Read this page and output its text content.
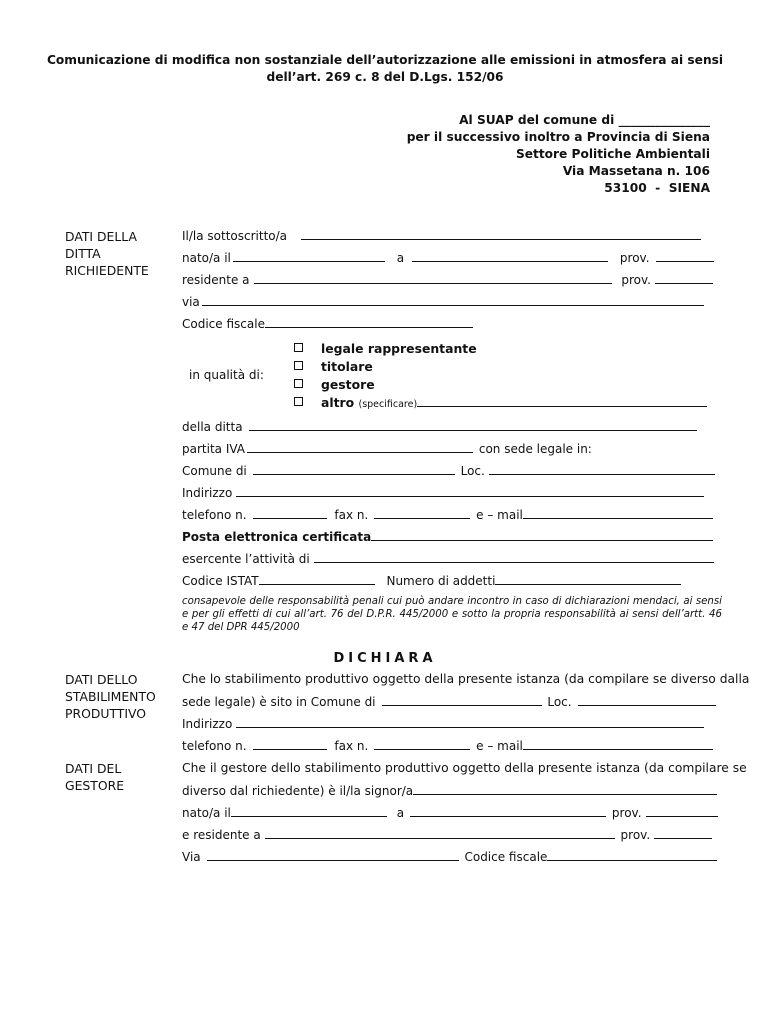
Comunicazione di modifica non sostanziale dell’autorizzazione alle emissioni in atmosfera ai sensi
dell’art. 269 c. 8 del D.Lgs. 152/06
Al SUAP del comune di _______________
per il successivo inoltro a Provincia di Siena
Settore Politiche Ambientali
Via Massetana n. 106
53100  -  SIENA
DATI DELLA
DITTA
RICHIEDENTE
DATI DELLO
STABILIMENTO
PRODUTTIVO
DATI DEL
GESTORE
Il/la sottoscritto/a
nato/a il	a	prov.
residente a	prov.
via
Codice fiscale
in qualità di:
legale rappresentante
titolare
gestore
altro (specificare)
della ditta
partita IVA	con sede legale in:
Comune di	Loc.
Indirizzo
telefono n.	fax n.	e – mail
Posta elettronica certificata
esercente l’attività di
Codice ISTAT	Numero di addetti
consapevole delle responsabilità penali cui può andare incontro in caso di dichiarazioni mendaci, ai sensi e per gli effetti di cui all’art. 76 del D.P.R. 445/2000 e sotto la propria responsabilità ai sensi dell’artt. 46 e 47 del DPR 445/2000
DICHIARA
Che lo stabilimento produttivo oggetto della presente istanza (da compilare se diverso dalla
sede legale) è sito in Comune di	Loc.
Indirizzo
telefono n.	fax n.	e – mail
Che il gestore dello stabilimento produttivo oggetto della presente istanza (da compilare se
diverso dal richiedente) è il/la signor/a
nato/a il	a	prov.
e residente a	prov.
Via	Codice fiscale
